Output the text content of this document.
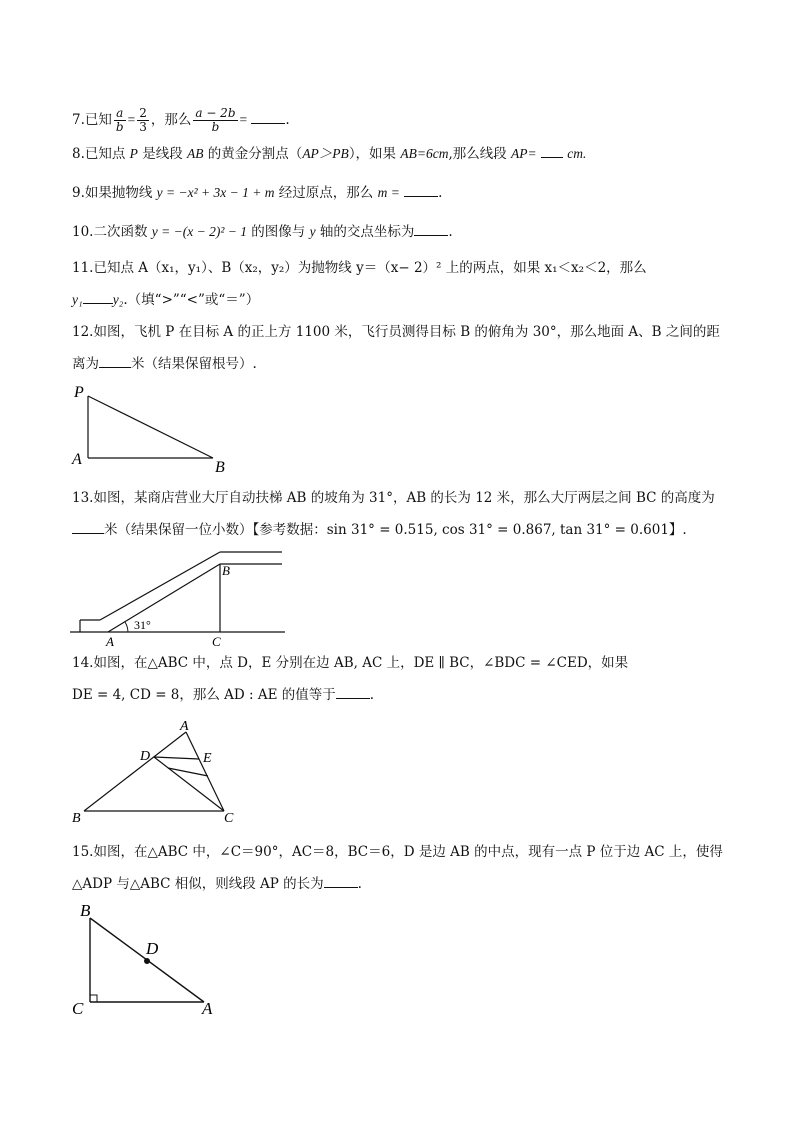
7.已知 $\frac{a}{b} = \frac{2}{3}$ ，那么 $\frac{a - 2b}{b}$ =	.
8.已知点 P 是线段 AB 的黄金分割点（AP＞PB），如果 AB=6cm,那么线段 AP= cm.
9.如果抛物线 y = −x² + 3x − 1 + m 经过原点，那么 m =	.
10.二次函数 y = −(x − 2)² − 1 的图像与 y 轴的交点坐标为	.
11.已知点 A（x₁，y₁）、B（x₂，y₂）为抛物线 y＝（x− 2）² 上的两点，如果 x₁＜x₂＜2，那么
y₁ y₂.（填“>”“<”或“＝”）
12.如图，飞机 P 在目标 A 的正上方 1100 米，飞行员测得目标 B 的俯角为 30°，那么地面 A、B 之间的距
离为 米（结果保留根号）.
P
A	B
13.如图，某商店营业大厅自动扶梯 AB 的坡角为 31°，AB 的长为 12 米，那么大厅两层之间 BC 的高度为
米（结果保留一位小数）【参考数据：sin 31° = 0.515, cos 31° = 0.867, tan 31° = 0.601】.
A
B
C
31°
14.如图，在△ABC 中，点 D，E 分别在边 AB, AC 上，DE ∥ BC，∠BDC = ∠CED，如果
DE = 4, CD = 8，那么 AD : AE 的值等于	.
A
D	E
B	C
15.如图，在△ABC 中，∠C＝90°，AC＝8，BC＝6，D 是边 AB 的中点，现有一点 P 位于边 AC 上，使得
△ADP 与△ABC 相似，则线段 AP 的长为	.
B
D
C	A
